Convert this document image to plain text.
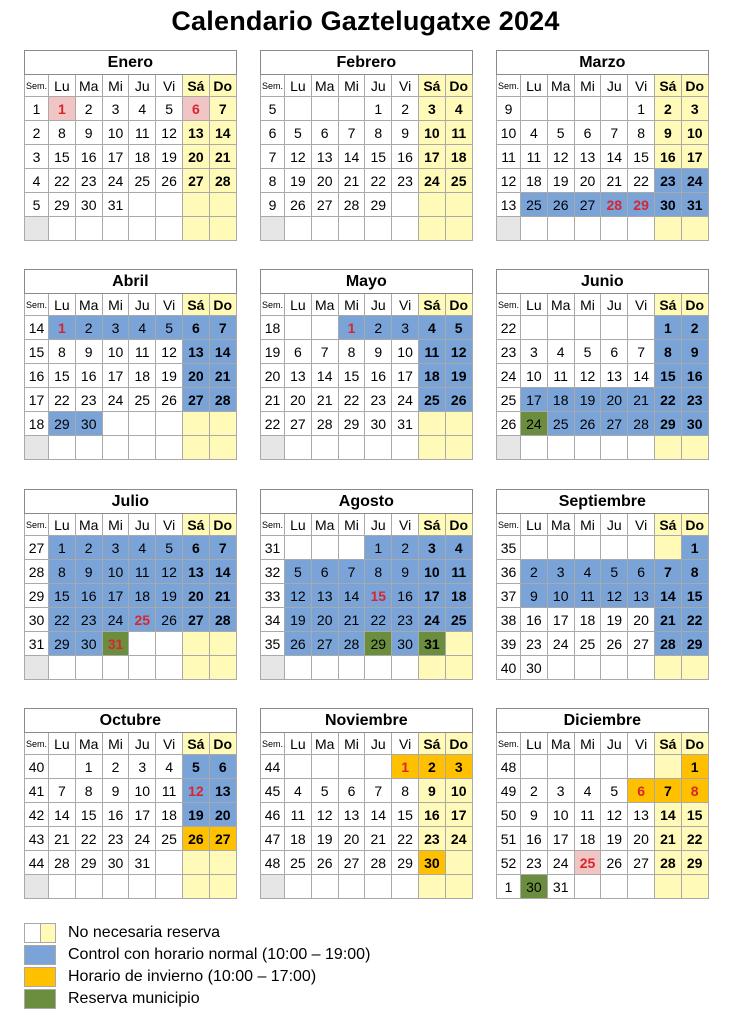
Calendario Gaztelugatxe 2024
Enero							
Sem.	Lu	Ma	Mi	Ju	Vi	Sá	Do
1	1	2	3	4	5	6	7
2	8	9	10	11	12	13	14
3	15	16	17	18	19	20	21
4	22	23	24	25	26	27	28
5	29	30	31				

Febrero							
Sem.	Lu	Ma	Mi	Ju	Vi	Sá	Do
5				1	2	3	4
6	5	6	7	8	9	10	11
7	12	13	14	15	16	17	18
8	19	20	21	22	23	24	25
9	26	27	28	29			

Marzo							
Sem.	Lu	Ma	Mi	Ju	Vi	Sá	Do
9					1	2	3
10	4	5	6	7	8	9	10
11	11	12	13	14	15	16	17
12	18	19	20	21	22	23	24
13	25	26	27	28	29	30	31

Abril							
Sem.	Lu	Ma	Mi	Ju	Vi	Sá	Do
14	1	2	3	4	5	6	7
15	8	9	10	11	12	13	14
16	15	16	17	18	19	20	21
17	22	23	24	25	26	27	28
18	29	30					

Mayo							
Sem.	Lu	Ma	Mi	Ju	Vi	Sá	Do
18			1	2	3	4	5
19	6	7	8	9	10	11	12
20	13	14	15	16	17	18	19
21	20	21	22	23	24	25	26
22	27	28	29	30	31		

Junio							
Sem.	Lu	Ma	Mi	Ju	Vi	Sá	Do
22						1	2
23	3	4	5	6	7	8	9
24	10	11	12	13	14	15	16
25	17	18	19	20	21	22	23
26	24	25	26	27	28	29	30

Julio							
Sem.	Lu	Ma	Mi	Ju	Vi	Sá	Do
27	1	2	3	4	5	6	7
28	8	9	10	11	12	13	14
29	15	16	17	18	19	20	21
30	22	23	24	25	26	27	28
31	29	30	31				

Agosto							
Sem.	Lu	Ma	Mi	Ju	Vi	Sá	Do
31				1	2	3	4
32	5	6	7	8	9	10	11
33	12	13	14	15	16	17	18
34	19	20	21	22	23	24	25
35	26	27	28	29	30	31	

Septiembre							
Sem.	Lu	Ma	Mi	Ju	Vi	Sá	Do
35							1
36	2	3	4	5	6	7	8
37	9	10	11	12	13	14	15
38	16	17	18	19	20	21	22
39	23	24	25	26	27	28	29
40	30						
Octubre							
Sem.	Lu	Ma	Mi	Ju	Vi	Sá	Do
40		1	2	3	4	5	6
41	7	8	9	10	11	12	13
42	14	15	16	17	18	19	20
43	21	22	23	24	25	26	27
44	28	29	30	31			

Noviembre							
Sem.	Lu	Ma	Mi	Ju	Vi	Sá	Do
44					1	2	3
45	4	5	6	7	8	9	10
46	11	12	13	14	15	16	17
47	18	19	20	21	22	23	24
48	25	26	27	28	29	30	

Diciembre							
Sem.	Lu	Ma	Mi	Ju	Vi	Sá	Do
48							1
49	2	3	4	5	6	7	8
50	9	10	11	12	13	14	15
51	16	17	18	19	20	21	22
52	23	24	25	26	27	28	29
1	30	31					
No necesaria reserva
Control con horario normal (10:00 – 19:00)
Horario de invierno (10:00 – 17:00)
Reserva municipio
